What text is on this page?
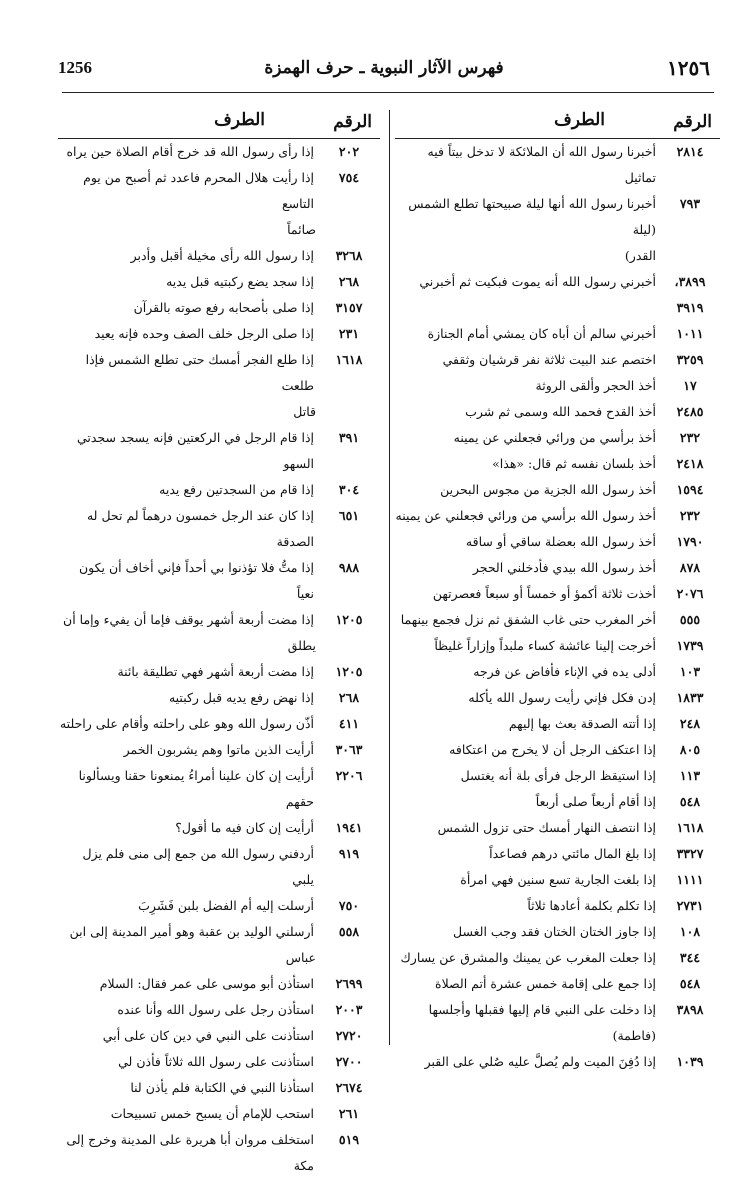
1256	فهرس الآثار النبوية ـ حرف الهمزة	١٢٥٦
الرقم
الطرف
٢٨١٤
أخبرنا رسول الله أن الملائكة لا تدخل بيتاً فيه تماثيل
٧٩٣
أخبرنا رسول الله أنها ليلة صبيحتها تطلع الشمس (ليلة
القدر)
٣٨٩٩، ٣٩١٩
أخبرني رسول الله أنه يموت فبكيت ثم أخبرني
١٠١١
أخبرني سالم أن أباه كان يمشي أمام الجنازة
٣٢٥٩
اختصم عند البيت ثلاثة نفر قرشيان وثقفي
١٧
أخذ الحجر وألقى الروثة
٢٤٨٥
أخذ القدح فحمد الله وسمى ثم شرب
٢٣٢
أخذ برأسي من ورائي فجعلني عن يمينه
٢٤١٨
أخذ بلسان نفسه ثم قال: «هذا»
١٥٩٤
أخذ رسول الله الجزية من مجوس البحرين
٢٣٢
أخذ رسول الله برأسي من ورائي فجعلني عن يمينه
١٧٩٠
أخذ رسول الله بعضلة ساقي أو ساقه
٨٧٨
أخذ رسول الله بيدي فأدخلني الحجر
٢٠٧٦
أخذت ثلاثة أكمؤ أو خمساً أو سبعاً فعصرتهن
٥٥٥
أخر المغرب حتى غاب الشفق ثم نزل فجمع بينهما
١٧٣٩
أخرجت إلينا عائشة كساء ملبداً وإزاراً غليظاً
١٠٣
أدلى يده في الإناء فأفاض عن فرجه
١٨٣٣
إدن فكل فإني رأيت رسول الله يأكله
٢٤٨
إذا أتته الصدقة بعث بها إليهم
٨٠٥
إذا اعتكف الرجل أن لا يخرج من اعتكافه
١١٣
إذا استيقظ الرجل فرأى بلة أنه يغتسل
٥٤٨
إذا أقام أربعاً صلى أربعاً
١٦١٨
إذا انتصف النهار أمسك حتى تزول الشمس
٣٣٢٧
إذا بلغ المال مائتي درهم فصاعداً
١١١١
إذا بلغت الجارية تسع سنين فهي امرأة
٢٧٣١
إذا تكلم بكلمة أعادها ثلاثاً
١٠٨
إذا جاوز الختان الختان فقد وجب الغسل
٣٤٤
إذا جعلت المغرب عن يمينك والمشرق عن يسارك
٥٤٨
إذا جمع على إقامة خمس عشرة أتم الصلاة
٣٨٩٨
إذا دخلت على النبي قام إليها فقبلها وأجلسها (فاطمة)
١٠٣٩
إذا دُفِنَ الميت ولم يُصلَّ عليه صُلي على القبر
الرقم
الطرف
٢٠٢
إذا رأى رسول الله قد خرج أقام الصلاة حين يراه
٧٥٤
إذا رأيت هلال المحرم فاعدد ثم أصبح من يوم التاسع
صائماً
٣٢٦٨
إذا رسول الله رأى مخيلة أقبل وأدبر
٢٦٨
إذا سجد يضع ركبتيه قبل يديه
٣١٥٧
إذا صلى بأصحابه رفع صوته بالقرآن
٢٣١
إذا صلى الرجل خلف الصف وحده فإنه يعيد
١٦١٨
إذا طلع الفجر أمسك حتى تطلع الشمس فإذا طلعت
قاتل
٣٩١
إذا قام الرجل في الركعتين فإنه يسجد سجدتي السهو
٣٠٤
إذا قام من السجدتين رفع يديه
٦٥١
إذا كان عند الرجل خمسون درهماً لم تحل له الصدقة
٩٨٨
إذا متُّ فلا تؤذنوا بي أحداً فإني أخاف أن يكون نعياً
١٢٠٥
إذا مضت أربعة أشهر يوقف فإما أن يفيء وإما أن
يطلق
١٢٠٥
إذا مضت أربعة أشهر فهي تطليقة بائنة
٢٦٨
إذا نهض رفع يديه قبل ركبتيه
٤١١
أذّن رسول الله وهو على راحلته وأقام على راحلته
٣٠٦٣
أرأيت الذين ماتوا وهم يشربون الخمر
٢٢٠٦
أرأيت إن كان علينا أمراءُ يمنعونا حقنا ويسألونا حقهم
١٩٤١
أرأيت إن كان فيه ما أقول؟
٩١٩
أردفني رسول الله من جمع إلى منى فلم يزل يلبي
٧٥٠
أرسلت إليه أم الفضل بلبن فَشَرِبَ
٥٥٨
أرسلني الوليد بن عقبة وهو أمير المدينة إلى ابن
عباس
٢٦٩٩
استأذن أبو موسى على عمر فقال: السلام
٢٠٠٣
استأذن رجل على رسول الله وأنا عنده
٢٧٢٠
استأذنت على النبي في دين كان على أبي
٢٧٠٠
استأذنت على رسول الله ثلاثاً فأذن لي
٢٦٧٤
استأذنا النبي في الكتابة فلم يأذن لنا
٢٦١
استحب للإمام أن يسبح خمس تسبيحات
٥١٩
استخلف مروان أبا هريرة على المدينة وخرج إلى مكة
